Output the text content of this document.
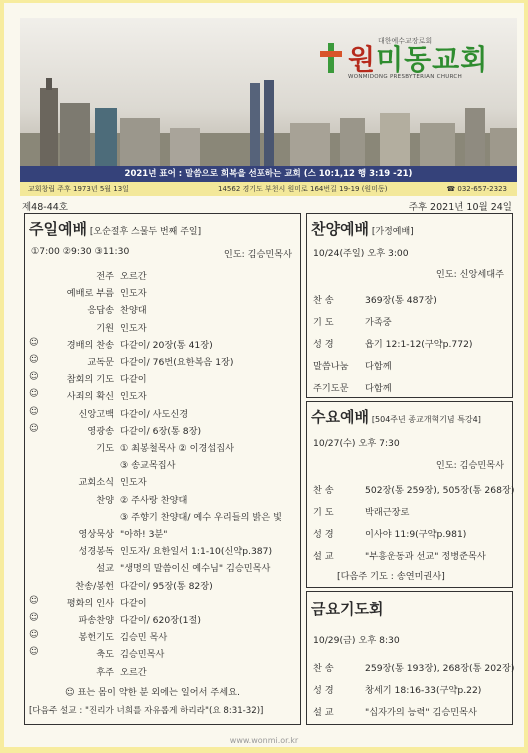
대한예수교장로회
원미동교회
WONMIDONG PRESBYTERIAN CHURCH
2021년 표어 : 말씀으로 회복을 선포하는 교회 (스 10:1,12 행 3:19 -21)
교회창립 주후 1973년 5월 13일	14562 경기도 부천시 원미로 164번길 19-19 (원미동)	☎ 032-657-2323
제48-44호	주후 2021년 10월 24일
주일예배 [오순절후 스물두 번째 주일]
①7:00 ②9:30 ③11:30	인도: 김승민목사
☺ 표는 몸이 약한 분 외에는 일어서 주세요.
[다음주 설교 : "진리가 너희를 자유롭게 하리라"(요 8:31-32)]
전주 오르간
예배로 부름 인도자
응답송 찬양대
기원 인도자
☺	경배의 찬송 다같이/ 20장(통 41장)
☺	교독문 다같이/ 76번(요한복음 1장)
☺	참회의 기도 다같이
☺	사죄의 확신 인도자
☺	신앙고백 다같이/ 사도신경
☺	영광송 다같이/ 6장(통 8장)
기도 ① 최봉철목사 ② 이경섭집사
③ 송교목집사
교회소식 인도자
찬양 ② 주사랑 찬양대
③ 주향기 찬양대/ 예수 우리들의 밝은 빛
영상묵상 "아하! 3분"
성경봉독 인도자/ 요한일서 1:1-10(신약p.387)
설교 "생명의 말씀이신 예수님" 김승민목사
찬송/봉헌 다같이/ 95장(통 82장)
☺	평화의 인사 다같이
☺	파송찬양 다같이/ 620장(1절)
☺	봉헌기도 김승민 목사
☺	축도 김승민목사
후주 오르간
찬양예배 [가정예배]
10/24(주일) 오후 3:00
인도: 신앙세대주
찬 송	369장(통 487장)
기 도	가족중
성 경	욥기 12:1-12(구약p.772)
말씀나눔 다함께
주기도문 다함께
수요예배 [504주년 종교개혁기념 특강4]
10/27(수) 오후 7:30
인도: 김승민목사
[다음주 기도 : 송연미권사]
찬 송	502장(통 259장), 505장(통 268장)
기 도	박래근장로
성 경	이사야 11:9(구약p.981)
설 교	"부흥운동과 선교" 정병준목사
금요기도회
10/29(금) 오후 8:30
찬 송	259장(통 193장), 268장(통 202장)
성 경	창세기 18:16-33(구약p.22)
설 교	"십자가의 능력" 김승민목사
www.wonmi.or.kr
